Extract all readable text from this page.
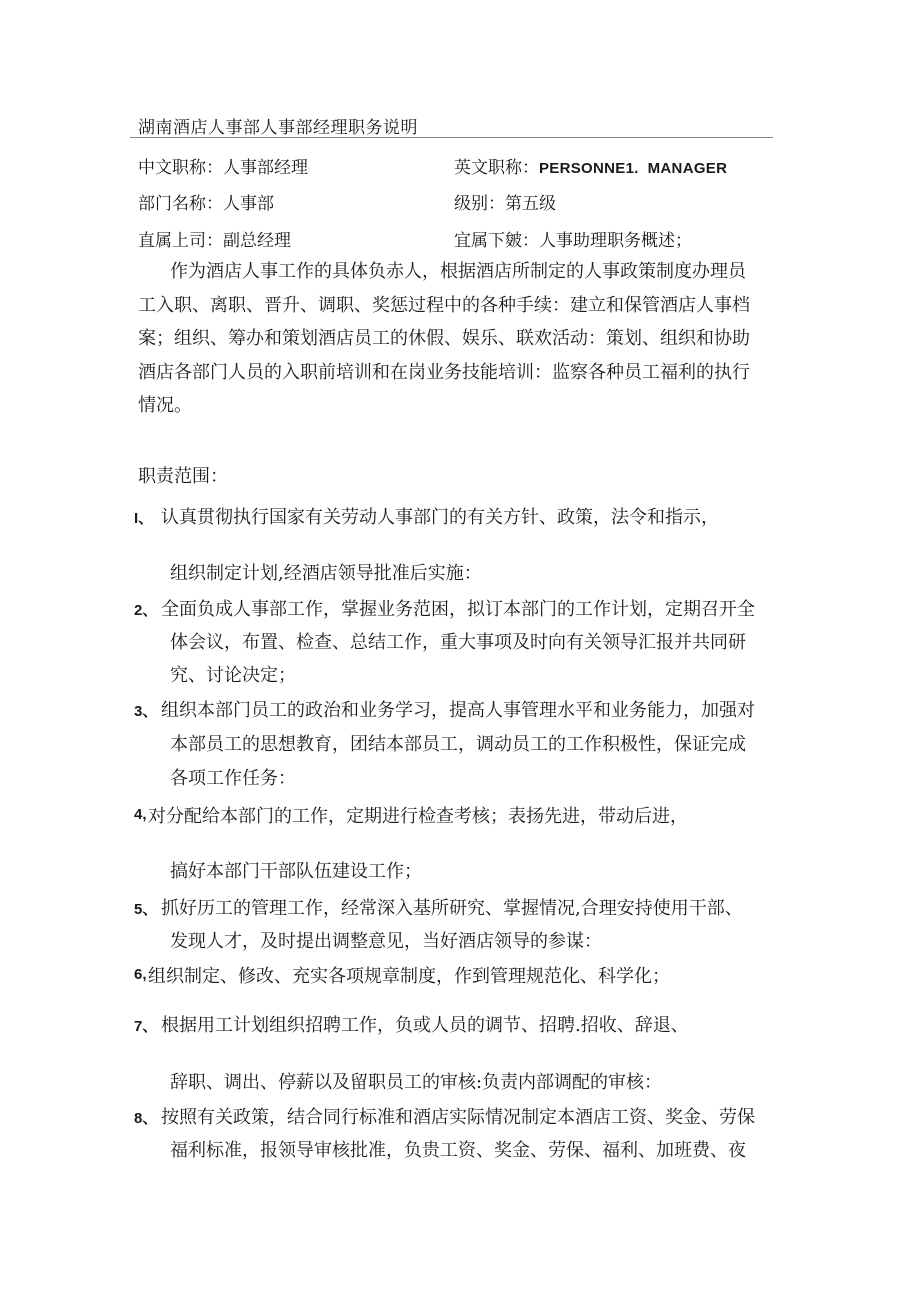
湖南酒店人事部人事部经理职务说明
中文职称：人事部经理	英文职称：PERSONNE1.  MANAGER
部门名称：人事部	级别：第五级
直属上司：副总经理	宜属下皴：人事助理职务概述；
作为酒店人事工作的具体负赤人，根据酒店所制定的人事政策制度办理员
工入职、离职、晋升、调职、奖惩过程中的各种手续：建立和保管酒店人事档
案；组织、筹办和策划酒店员工的休假、娱乐、联欢活动：策划、组织和协助
酒店各部门人员的入职前培训和在岗业务技能培训：监察各种员工福利的执行
情况。
职责范围：
I、 认真贯彻执行国家有关劳动人事部门的有关方针、政策，法令和指示，
组织制定计划,经酒店领导批准后实施：
2、 全面负成人事部工作，掌握业务范困，拟订本部门的工作计划，定期召开全
体会议，布置、检查、总结工作，重大事项及时向有关领导汇报并共同研
究、讨论决定；
3、 组织本部门员工的政治和业务学习，提高人事管理水平和业务能力，加强对
本部员工的思想教育，团结本部员工，调动员工的工作积极性，保证完成
各项工作任务：
4, 对分配给本部门的工作，定期进行检查考核；表扬先进，带动后进，
搞好本部门干部队伍建设工作；
5、 抓好历工的管理工作，经常深入基所研究、掌握情况,合理安持使用干部、
发现人才，及时提出调整意见，当好酒店领导的参谋：
6, 组织制定、修改、充实各项规章制度，作到管理规范化、科学化；
7、 根据用工计划组织招聘工作，负或人员的调节、招聘.招收、辞退、
辞职、调出、停薪以及留职员工的审核:负责内部调配的审核：
8、 按照有关政策，结合同行标准和酒店实际情况制定本酒店工资、奖金、劳保
福利标准，报领导审核批准，负贵工资、奖金、劳保、福利、加班费、夜
